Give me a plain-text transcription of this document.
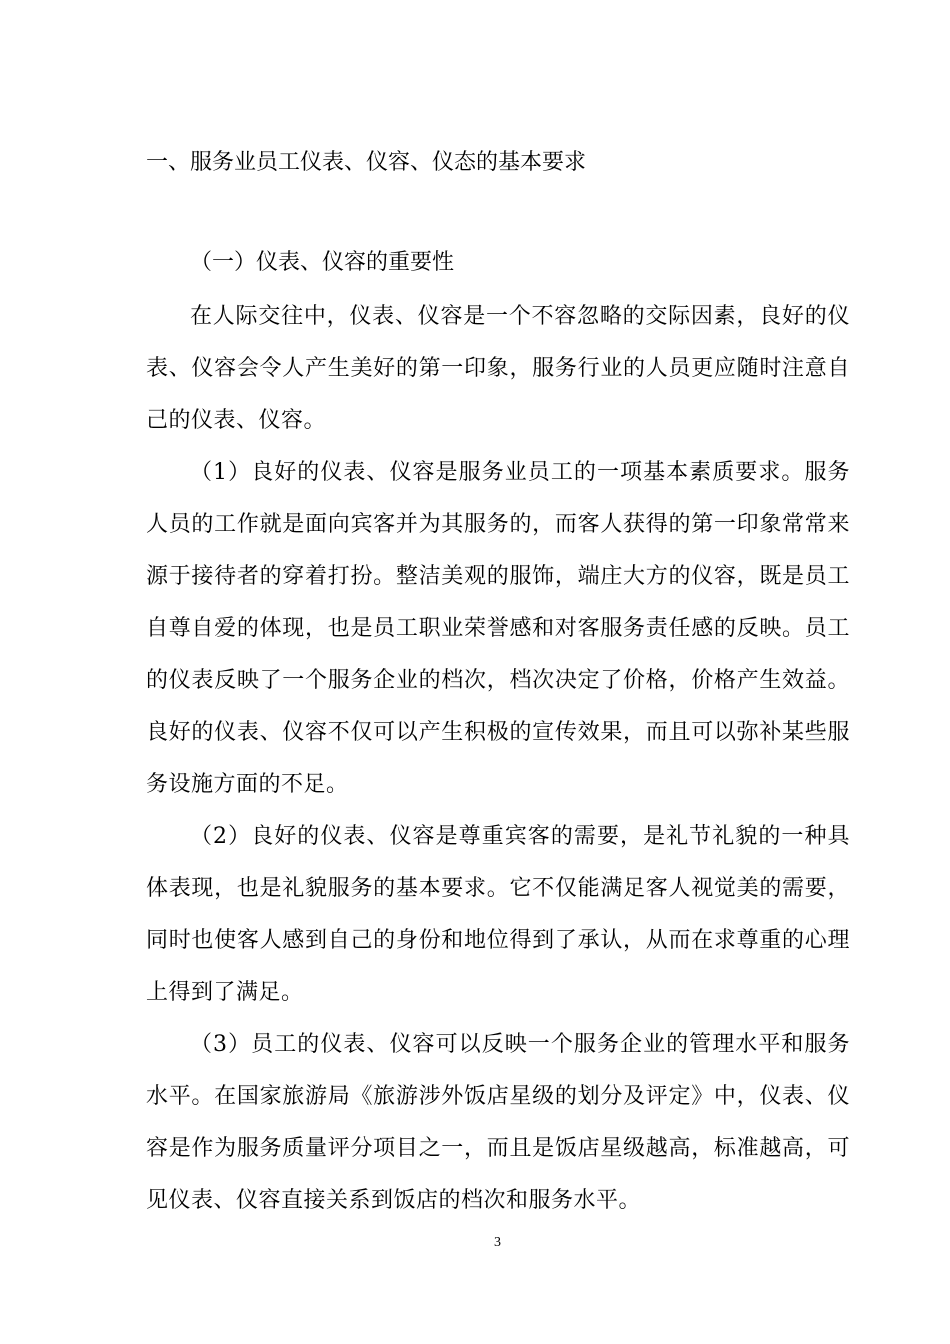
一、服务业员工仪表、仪容、仪态的基本要求
（一）仪表、仪容的重要性

在人际交往中，仪表、仪容是一个不容忽略的交际因素，良好的仪表、仪容会令人产生美好的第一印象，服务行业的人员更应随时注意自己的仪表、仪容。

（1）良好的仪表、仪容是服务业员工的一项基本素质要求。服务人员的工作就是面向宾客并为其服务的，而客人获得的第一印象常常来源于接待者的穿着打扮。整洁美观的服饰，端庄大方的仪容，既是员工自尊自爱的体现，也是员工职业荣誉感和对客服务责任感的反映。员工的仪表反映了一个服务企业的档次，档次决定了价格，价格产生效益。良好的仪表、仪容不仅可以产生积极的宣传效果，而且可以弥补某些服务设施方面的不足。

（2）良好的仪表、仪容是尊重宾客的需要，是礼节礼貌的一种具体表现，也是礼貌服务的基本要求。它不仅能满足客人视觉美的需要，同时也使客人感到自己的身份和地位得到了承认，从而在求尊重的心理上得到了满足。

（3）员工的仪表、仪容可以反映一个服务企业的管理水平和服务水平。在国家旅游局《旅游涉外饭店星级的划分及评定》中，仪表、仪容是作为服务质量评分项目之一，而且是饭店星级越高，标准越高，可见仪表、仪容直接关系到饭店的档次和服务水平。

3
